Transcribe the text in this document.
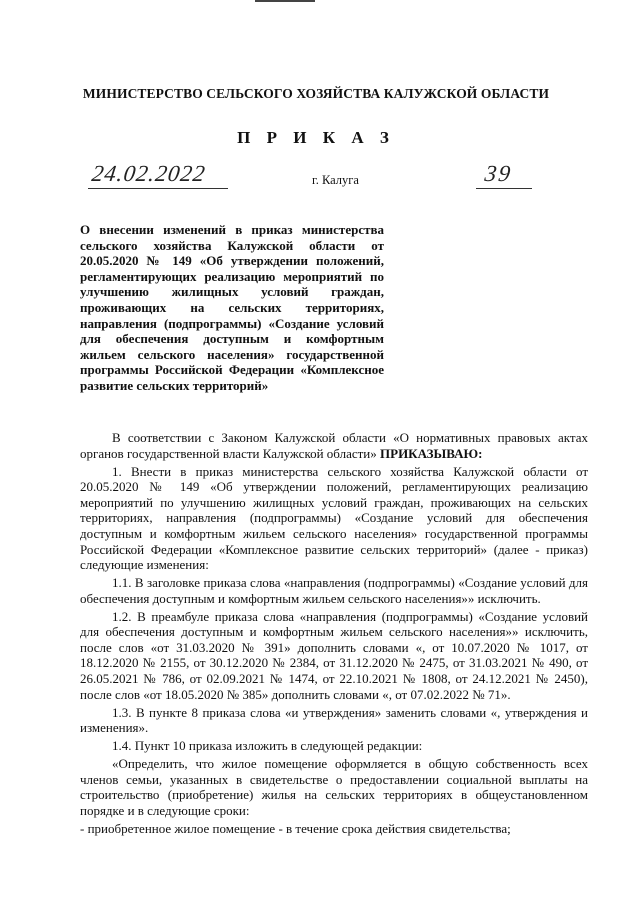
МИНИСТЕРСТВО СЕЛЬСКОГО ХОЗЯЙСТВА КАЛУЖСКОЙ ОБЛАСТИ
П Р И К А З
24.02.2022	г. Калуга	39
О внесении изменений в приказ министерства сельского хозяйства Калужской области от 20.05.2020 № 149 «Об утверждении положений, регламентирующих реализацию мероприятий по улучшению жилищных условий граждан, проживающих на сельских территориях, направления (подпрограммы) «Создание условий для обеспечения доступным и комфортным жильем сельского населения» государственной программы Российской Федерации «Комплексное развитие сельских территорий»

В соответствии с Законом Калужской области «О нормативных правовых актах органов государственной власти Калужской области» ПРИКАЗЫВАЮ:

1. Внести в приказ министерства сельского хозяйства Калужской области от 20.05.2020 № 149 «Об утверждении положений, регламентирующих реализацию мероприятий по улучшению жилищных условий граждан, проживающих на сельских территориях, направления (подпрограммы) «Создание условий для обеспечения доступным и комфортным жильем сельского населения» государственной программы Российской Федерации «Комплексное развитие сельских территорий» (далее - приказ) следующие изменения:

1.1. В заголовке приказа слова «направления (подпрограммы) «Создание условий для обеспечения доступным и комфортным жильем сельского населения»» исключить.

1.2. В преамбуле приказа слова «направления (подпрограммы) «Создание условий для обеспечения доступным и комфортным жильем сельского населения»» исключить, после слов «от 31.03.2020 № 391» дополнить словами «, от 10.07.2020 № 1017, от 18.12.2020 № 2155, от 30.12.2020 № 2384, от 31.12.2020 № 2475, от 31.03.2021 № 490, от 26.05.2021 № 786, от 02.09.2021 № 1474, от 22.10.2021 № 1808, от 24.12.2021 № 2450), после слов «от 18.05.2020 № 385» дополнить словами «, от 07.02.2022 № 71».

1.3. В пункте 8 приказа слова «и утверждения» заменить словами «, утверждения и изменения».

1.4. Пункт 10 приказа изложить в следующей редакции:

«Определить, что жилое помещение оформляется в общую собственность всех членов семьи, указанных в свидетельстве о предоставлении социальной выплаты на строительство (приобретение) жилья на сельских территориях в общеустановленном порядке и в следующие сроки:

- приобретенное жилое помещение - в течение срока действия свидетельства;
